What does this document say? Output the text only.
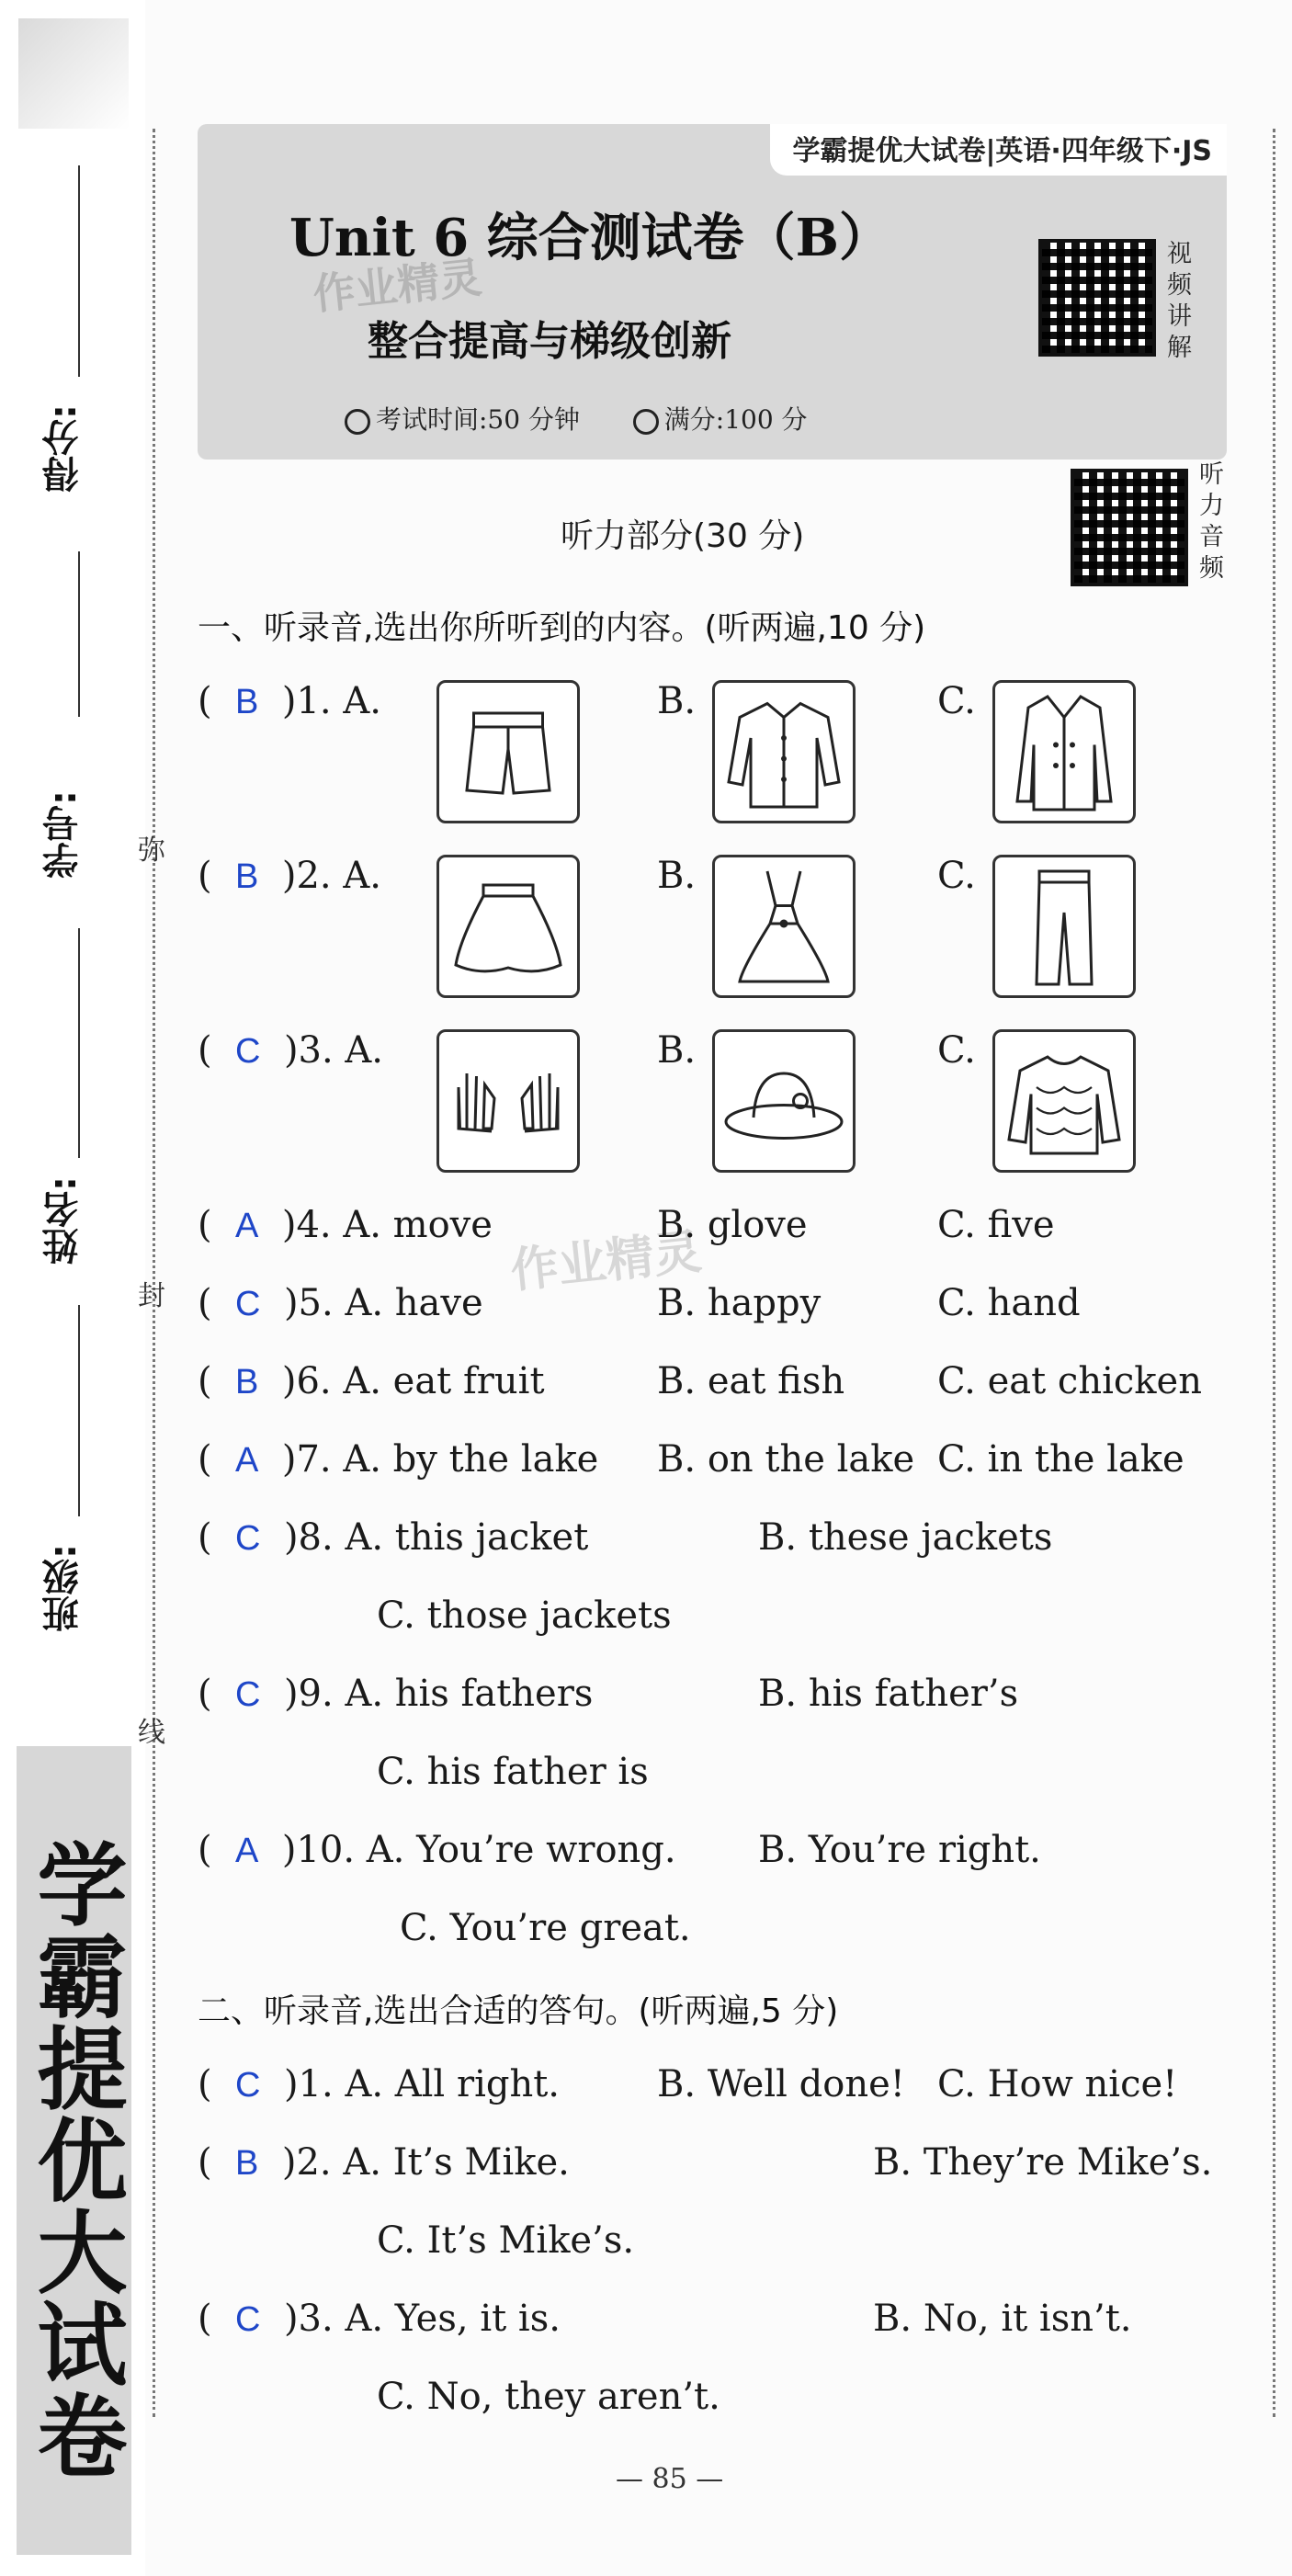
得分:
学号:
姓名:
班级:
学霸提优大试卷
弥
封
线
学霸提优大试卷|英语·四年级下·JS
Unit 6 综合测试卷（B）
作业精灵
整合提高与梯级创新
考试时间:50 分钟	满分:100 分
视频讲解
听力音频
听力部分(30 分)
一、听录音,选出你所听到的内容。(听两遍,10 分)
(  B )1. A.	B.	C.
(  B )2. A.	B.	C.
(  C )3. A.	B.	C.
作业精灵
(  A )4. A. move	B. glove	C. five
(  C )5. A. have	B. happy	C. hand
(  B )6. A. eat fruit	B. eat fish	C. eat chicken
(  A )7. A. by the lake B. on the lake C. in the lake
(  C )8. A. this jacket	B. these jackets
C. those jackets
(  C )9. A. his fathers	B. his father’s
C. his father is
(  A )10. A. You’re wrong. B. You’re right.
C. You’re great.
二、听录音,选出合适的答句。(听两遍,5 分)
(  C )1. A. All right.	B. Well done! C. How nice!
(  B )2. A. It’s Mike.	B. They’re Mike’s.
C. It’s Mike’s.
(  C )3. A. Yes, it is.	B. No, it isn’t.
C. No, they aren’t.
— 85 —
